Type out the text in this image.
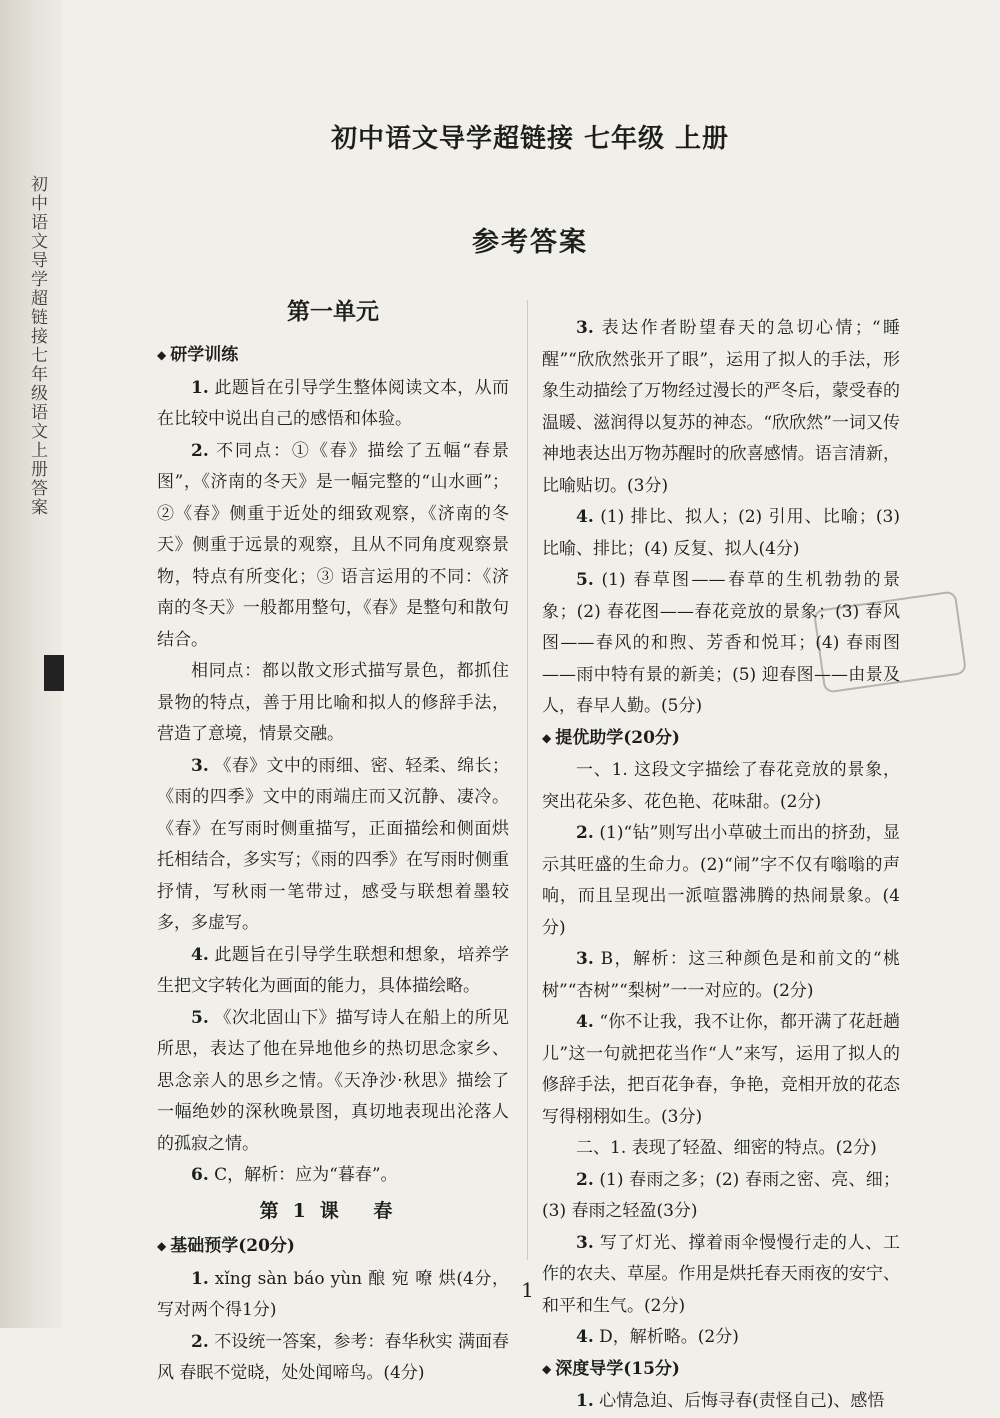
初中语文导学超链接七年级语文上册答案
初中语文导学超链接 七年级 上册
参考答案
第一单元

◆ 研学训练

1. 此题旨在引导学生整体阅读文本，从而在比较中说出自己的感悟和体验。

2. 不同点：①《春》描绘了五幅“春景图”，《济南的冬天》是一幅完整的“山水画”；②《春》侧重于近处的细致观察，《济南的冬天》侧重于远景的观察，且从不同角度观察景物，特点有所变化；③ 语言运用的不同：《济南的冬天》一般都用整句，《春》是整句和散句结合。

相同点：都以散文形式描写景色，都抓住景物的特点，善于用比喻和拟人的修辞手法，营造了意境，情景交融。

3. 《春》文中的雨细、密、轻柔、绵长；《雨的四季》文中的雨端庄而又沉静、凄冷。《春》在写雨时侧重描写，正面描绘和侧面烘托相结合，多实写；《雨的四季》在写雨时侧重抒情，写秋雨一笔带过，感受与联想着墨较多，多虚写。

4. 此题旨在引导学生联想和想象，培养学生把文字转化为画面的能力，具体描绘略。

5. 《次北固山下》描写诗人在船上的所见所思，表达了他在异地他乡的热切思念家乡、思念亲人的思乡之情。《天净沙·秋思》描绘了一幅绝妙的深秋晚景图，真切地表现出沦落人的孤寂之情。

6. C，解析：应为“暮春”。

第1课 春

◆ 基础预学(20分)

1. xǐng sàn báo yùn 酿 宛 嘹 烘(4分，写对两个得1分)

2. 不设统一答案，参考：春华秋实 满面春风 春眠不觉晓，处处闻啼鸟。(4分)

3. 表达作者盼望春天的急切心情；“睡醒”“欣欣然张开了眼”，运用了拟人的手法，形象生动描绘了万物经过漫长的严冬后，蒙受春的温暖、滋润得以复苏的神态。“欣欣然”一词又传神地表达出万物苏醒时的欣喜感情。语言清新，比喻贴切。(3分)

4. (1) 排比、拟人；(2) 引用、比喻；(3) 比喻、排比；(4) 反复、拟人(4分)

5. (1) 春草图——春草的生机勃勃的景象；(2) 春花图——春花竞放的景象；(3) 春风图——春风的和煦、芳香和悦耳；(4) 春雨图——雨中特有景的新美；(5) 迎春图——由景及人，春早人勤。(5分)

◆ 提优助学(20分)

一、1. 这段文字描绘了春花竞放的景象，突出花朵多、花色艳、花味甜。(2分)

2. (1)“钻”则写出小草破土而出的挤劲，显示其旺盛的生命力。(2)“闹”字不仅有嗡嗡的声响，而且呈现出一派喧嚣沸腾的热闹景象。(4分)

3. B，解析：这三种颜色是和前文的“桃树”“杏树”“梨树”一一对应的。(2分)

4. “你不让我，我不让你，都开满了花赶趟儿”这一句就把花当作“人”来写，运用了拟人的修辞手法，把百花争春，争艳，竞相开放的花态写得栩栩如生。(3分)

二、1. 表现了轻盈、细密的特点。(2分)

2. (1) 春雨之多；(2) 春雨之密、亮、细；(3) 春雨之轻盈(3分)

3. 写了灯光、撑着雨伞慢慢行走的人、工作的农夫、草屋。作用是烘托春天雨夜的安宁、和平和生气。(2分)

4. D，解析略。(2分)

◆ 深度导学(15分)

1. 心情急迫、后悔寻春(责怪自己)、感悟

1
